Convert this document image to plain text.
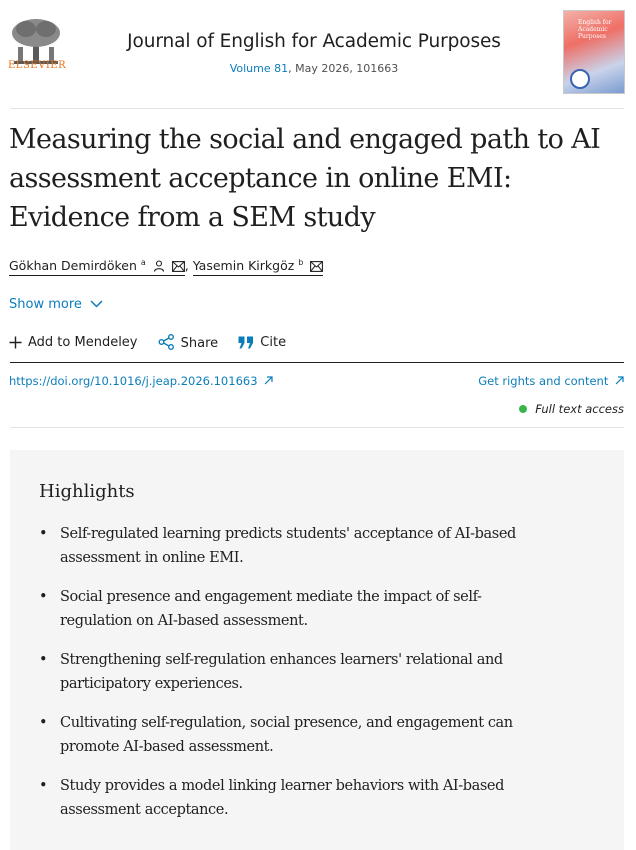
ELSEVIER
Journal of English for Academic Purposes
Volume 81, May 2026, 101663
English for Academic Purposes
Measuring the social and engaged path to AI assessment acceptance in online EMI: Evidence from a SEM study
Gökhan Demirdöken $^a$	, Yasemin Kirkgöz $^b$
Show more
Add to Mendeley	Share	Cite
https://doi.org/10.1016/j.jeap.2026.101663	Get rights and content
Full text access
Highlights
• Self-regulated learning predicts students' acceptance of AI-based assessment in online EMI.
• Social presence and engagement mediate the impact of self-regulation on AI-based assessment.
• Strengthening self-regulation enhances learners' relational and participatory experiences.
• Cultivating self-regulation, social presence, and engagement can promote AI-based assessment.
• Study provides a model linking learner behaviors with AI-based assessment acceptance.
